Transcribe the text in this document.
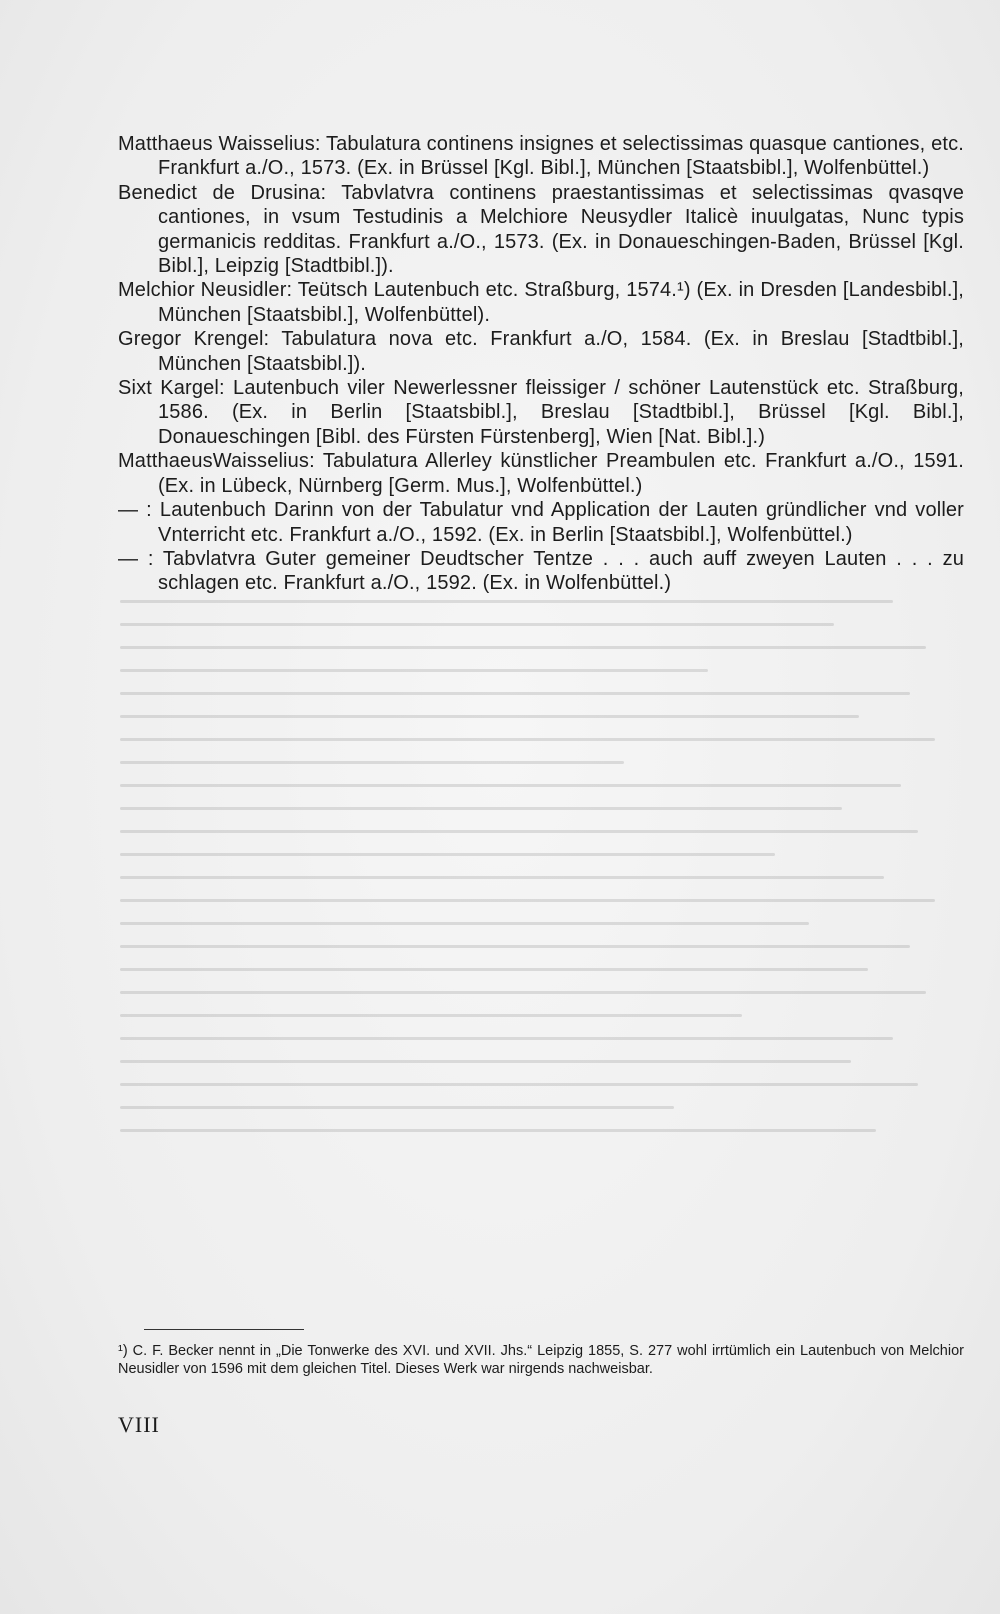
Matthaeus Waisselius: Tabulatura continens insignes et selectissimas quasque cantiones, etc. Frankfurt a./O., 1573. (Ex. in Brüssel [Kgl. Bibl.], München [Staatsbibl.], Wolfenbüttel.)

Benedict de Drusina: Tabvlatvra continens praestantissimas et selectissimas qvasqve cantiones, in vsum Testudinis a Melchiore Neusydler Italicè inuulgatas, Nunc typis germanicis redditas. Frankfurt a./O., 1573. (Ex. in Donaueschingen-Baden, Brüssel [Kgl. Bibl.], Leipzig [Stadtbibl.]).

Melchior Neusidler: Teütsch Lautenbuch etc. Straßburg, 1574.¹) (Ex. in Dresden [Landesbibl.], München [Staatsbibl.], Wolfenbüttel).

Gregor Krengel: Tabulatura nova etc. Frankfurt a./O, 1584. (Ex. in Breslau [Stadtbibl.], München [Staatsbibl.]).

Sixt Kargel: Lautenbuch viler Newerlessner fleissiger / schöner Lautenstück etc. Straßburg, 1586. (Ex. in Berlin [Staatsbibl.], Breslau [Stadtbibl.], Brüssel [Kgl. Bibl.], Donaueschingen [Bibl. des Fürsten Fürstenberg], Wien [Nat. Bibl.].)

MatthaeusWaisselius: Tabulatura Allerley künstlicher Preambulen etc. Frankfurt a./O., 1591. (Ex. in Lübeck, Nürnberg [Germ. Mus.], Wolfenbüttel.)

— : Lautenbuch Darinn von der Tabulatur vnd Application der Lauten gründlicher vnd voller Vnterricht etc. Frankfurt a./O., 1592. (Ex. in Berlin [Staatsbibl.], Wolfenbüttel.)

— : Tabvlatvra Guter gemeiner Deudtscher Tentze . . . auch auff zweyen Lauten . . . zu schlagen etc. Frankfurt a./O., 1592. (Ex. in Wolfenbüttel.)

¹) C. F. Becker nennt in „Die Tonwerke des XVI. und XVII. Jhs.“ Leipzig 1855, S. 277 wohl irrtümlich ein Lautenbuch von Melchior Neusidler von 1596 mit dem gleichen Titel. Dieses Werk war nirgends nachweisbar.

VIII
